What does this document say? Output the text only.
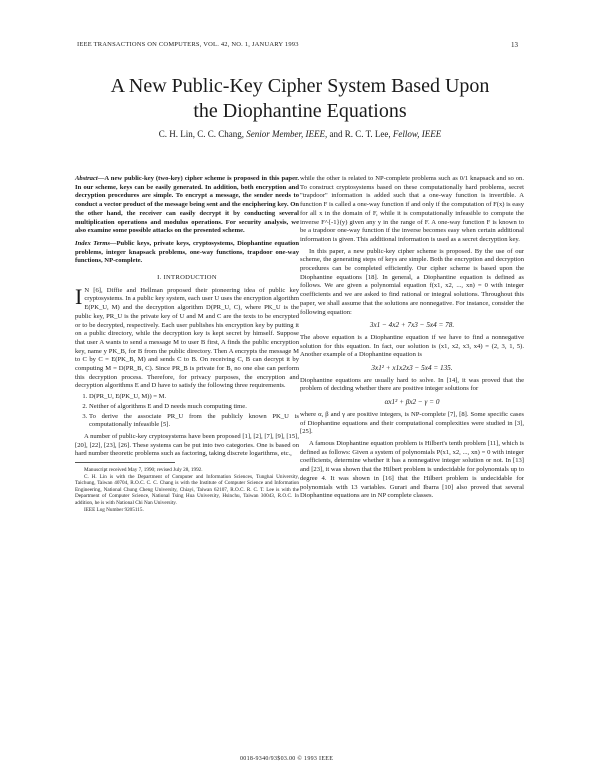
IEEE TRANSACTIONS ON COMPUTERS, VOL. 42, NO. 1, JANUARY 1993	13
A New Public-Key Cipher System Based Upon
the Diophantine Equations
C. H. Lin, C. C. Chang, Senior Member, IEEE, and R. C. T. Lee, Fellow, IEEE

Abstract—A new public-key (two-key) cipher scheme is proposed in this paper. In our scheme, keys can be easily generated. In addition, both encryption and decryption procedures are simple. To encrypt a message, the sender needs to conduct a vector product of the message being sent and the enciphering key. On the other hand, the receiver can easily decrypt it by conducting several multiplication operations and modulus operations. For security analysis, we also examine some possible attacks on the presented scheme.

Index Terms—Public keys, private keys, cryptosystems, Diophantine equation problems, integer knapsack problems, one-way functions, trapdoor one-way functions, NP-complete.

I. INTRODUCTION

I N [6], Diffie and Hellman proposed their pioneering idea of public key cryptosystems. In a public key system, each user U uses the encryption algorithm E(PK_U, M) and the decryption algorithm D(PR_U, C), where PK_U is the public key, PR_U is the private key of U and M and C are the texts to be encrypted or to be decrypted, respectively. Each user publishes his encryption key by putting it on a public directory, while the decryption key is kept secret by himself. Suppose that user A wants to send a message M to user B first, A finds the public encryption key, name y PK_B, for B from the public directory. Then A encrypts the message M to C by C = E(PK_B, M) and sends C to B. On receiving C, B can decrypt it by computing M = D(PR_B, C). Since PR_B is private for B, no one else can perform this decryption process. Therefore, for privacy purposes, the encryption and decryption algorithms E and D have to satisfy the following three requirements.

1. D(PR_U, E(PK_U, M)) = M.
2. Neither of algorithms E and D needs much computing time.
3. To derive the associate PR_U from the publicly known PK_U is computationally infeasible [5].

A number of public-key cryptosystems have been proposed [1], [2], [7], [9], [15], [20], [22], [23], [26]. These systems can be put into two categories. One is based on hard number theoretic problems such as factoring, taking discrete logarithms, etc.,

Manuscript received May 7, 1990; revised July 28, 1992.

C. H. Lin is with the Department of Computer and Information Sciences, Tunghai University, Taichung, Taiwan 40704, R.O.C. C. C. Chang is with the Institute of Computer Science and Information Engineering, National Chung Cheng University, Chiayi, Taiwan 62107, R.O.C. R. C. T. Lee is with the Department of Computer Science, National Tsing Hua University, Hsinchu, Taiwan 30043, R.O.C. In addition, he is with National Chi Nan University.

IEEE Log Number 9205115.

while the other is related to NP-complete problems such as 0/1 knapsack and so on. To construct cryptosystems based on these computationally hard problems, secret "trapdoor" information is added such that a one-way function is invertible. A function F is called a one-way function if and only if the computation of F(x) is easy for all x in the domain of F, while it is computationally infeasible to compute the inverse F^{-1}(y) given any y in the range of F. A one-way function F is known to be a trapdoor one-way function if the inverse becomes easy when certain additional information is given. This additional information is used as a secret decryption key.

In this paper, a new public-key cipher scheme is proposed. By the use of our scheme, the generating steps of keys are simple. Both the encryption and decryption procedures can be completed efficiently. Our cipher scheme is based upon the Diophantine equations [18]. In general, a Diophantine equation is defined as follows. We are given a polynomial equation f(x1, x2, ..., xn) = 0 with integer coefficients and we are asked to find rational or integral solutions. Throughout this paper, we shall assume that the solutions are nonnegative. For instance, consider the following equation:

3x1 − 4x2 + 7x3 − 5x4 = 78.

The above equation is a Diophantine equation if we have to find a nonnegative solution for this equation. In fact, our solution is (x1, x2, x3, x4) = (2, 3, 1, 5). Another example of a Diophantine equation is

3x1² + x1x2x3 − 5x4 = 135.

Diophantine equations are usually hard to solve. In [14], it was proved that the problem of deciding whether there are positive integer solutions for

αx1² + βx2 − γ = 0

where α, β and γ are positive integers, is NP-complete [7], [8]. Some specific cases of Diophantine equations and their computational complexities were studied in [3], [25].

A famous Diophantine equation problem is Hilbert's tenth problem [11], which is defined as follows: Given a system of polynomials P(x1, x2, ..., xn) = 0 with integer coefficients, determine whether it has a nonnegative integer solution or not. In [13] and [23], it was shown that the Hilbert problem is undecidable for polynomials up to degree 4. It was shown in [16] that the Hilbert problem is undecidable for polynomials with 13 variables. Gurari and Ibarra [10] also proved that several Diophantine equations are in NP complete classes.

0018-9340/93$03.00 © 1993 IEEE
